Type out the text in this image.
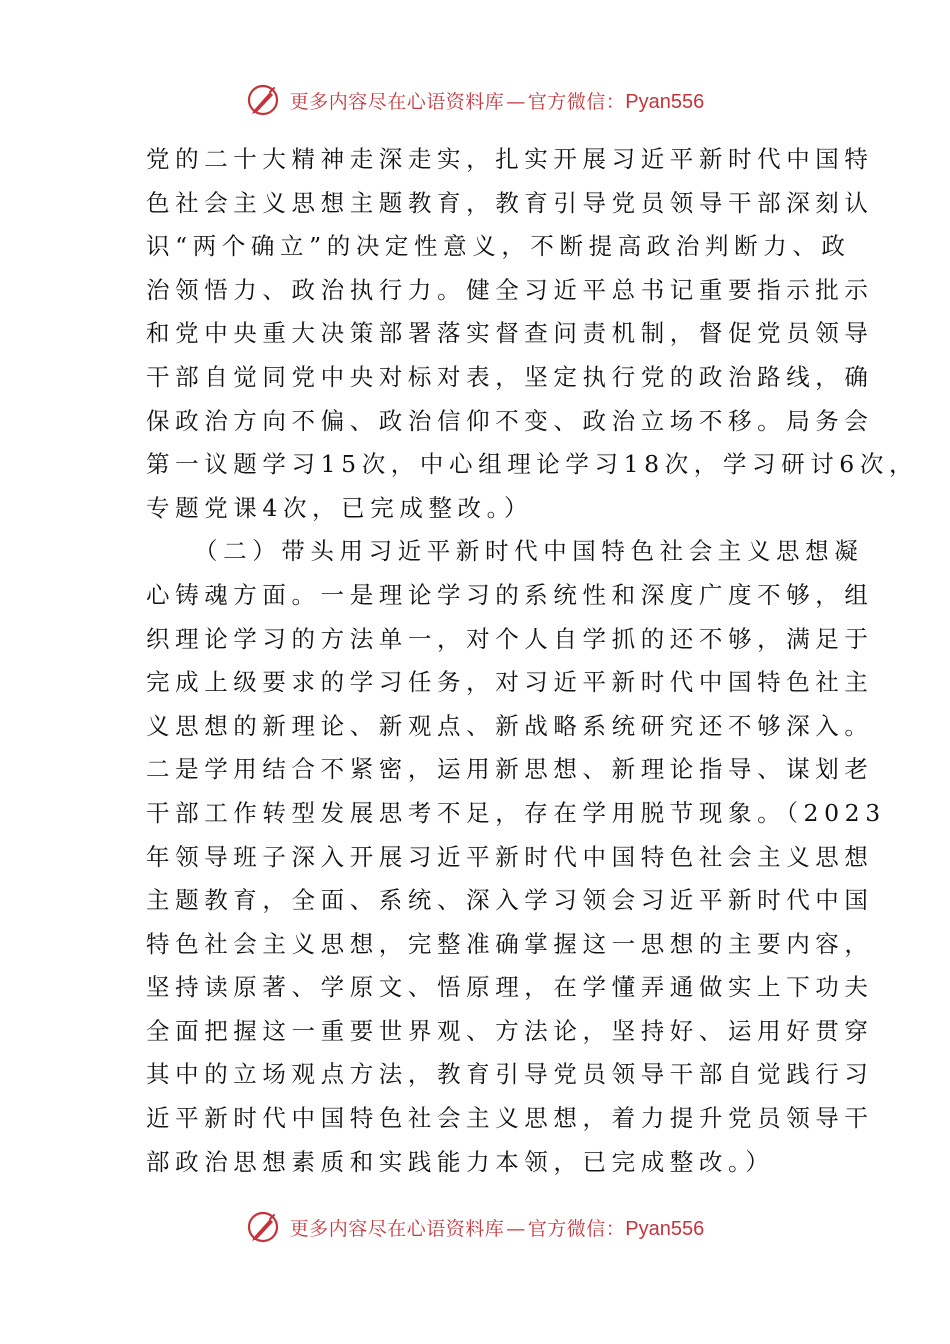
更多内容尽在心语资料库 — 官方微信：Pyan556
党的二十大精神走深走实，扎实开展习近平新时代中国特
色社会主义思想主题教育，教育引导党员领导干部深刻认
识“两个确立”的决定性意义，不断提高政治判断力、政
治领悟力、政治执行力。健全习近平总书记重要指示批示
和党中央重大决策部署落实督查问责机制，督促党员领导
干部自觉同党中央对标对表，坚定执行党的政治路线，确
保政治方向不偏、政治信仰不变、政治立场不移。局务会
第一议题学习15次，中心组理论学习18次，学习研讨6次，
专题党课4次，已完成整改。）
（二）带头用习近平新时代中国特色社会主义思想凝
心铸魂方面。一是理论学习的系统性和深度广度不够，组
织理论学习的方法单一，对个人自学抓的还不够，满足于
完成上级要求的学习任务，对习近平新时代中国特色社主
义思想的新理论、新观点、新战略系统研究还不够深入。
二是学用结合不紧密，运用新思想、新理论指导、谋划老
干部工作转型发展思考不足，存在学用脱节现象。（2023
年领导班子深入开展习近平新时代中国特色社会主义思想
主题教育，全面、系统、深入学习领会习近平新时代中国
特色社会主义思想，完整准确掌握这一思想的主要内容，
坚持读原著、学原文、悟原理，在学懂弄通做实上下功夫
全面把握这一重要世界观、方法论，坚持好、运用好贯穿
其中的立场观点方法，教育引导党员领导干部自觉践行习
近平新时代中国特色社会主义思想，着力提升党员领导干
部政治思想素质和实践能力本领，已完成整改。）
更多内容尽在心语资料库 — 官方微信：Pyan556
